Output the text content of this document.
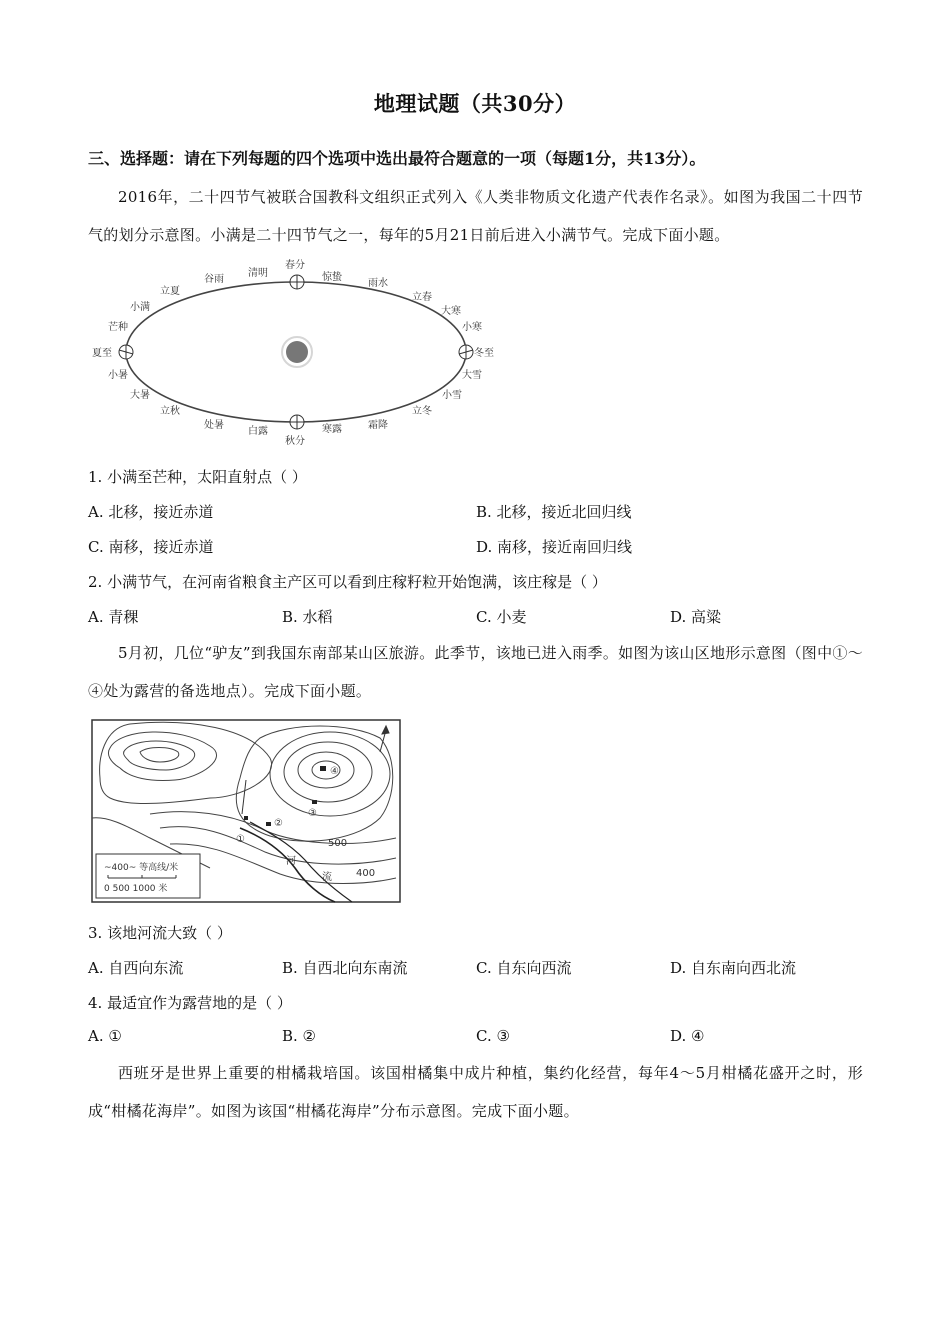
地理试题（共30分）
三、选择题：请在下列每题的四个选项中选出最符合题意的一项（每题1分，共13分）。
2016年，二十四节气被联合国教科文组织正式列入《人类非物质文化遗产代表作名录》。如图为我国二十四节气的划分示意图。小满是二十四节气之一，每年的5月21日前后进入小满节气。完成下面小题。
春分
惊蛰
雨水
立春
大寒
小寒
大雪
小雪
立冬
霜降
寒露
秋分
白露
处暑
立秋
大暑
小暑
夏至
芒种
小满
立夏
谷雨
清明
冬至
1. 小满至芒种，太阳直射点（ ）
A. 北移，接近赤道	B. 北移，接近北回归线
C. 南移，接近赤道	D. 南移，接近南回归线
2. 小满节气，在河南省粮食主产区可以看到庄稼籽粒开始饱满，该庄稼是（ ）
A. 青稞	B. 水稻	C. 小麦	D. 高粱
5月初，几位“驴友”到我国东南部某山区旅游。此季节，该地已进入雨季。如图为该山区地形示意图（图中①～④处为露营的备选地点）。完成下面小题。
500
400
河
流
④
③
②
①
~400~ 等高线/米
0 500 1000 米
3. 该地河流大致（ ）
A. 自西向东流	B. 自西北向东南流	C. 自东向西流	D. 自东南向西北流
4. 最适宜作为露营地的是（ ）
A. ①	B. ②	C. ③	D. ④
西班牙是世界上重要的柑橘栽培国。该国柑橘集中成片种植，集约化经营，每年4～5月柑橘花盛开之时，形成“柑橘花海岸”。如图为该国“柑橘花海岸”分布示意图。完成下面小题。
